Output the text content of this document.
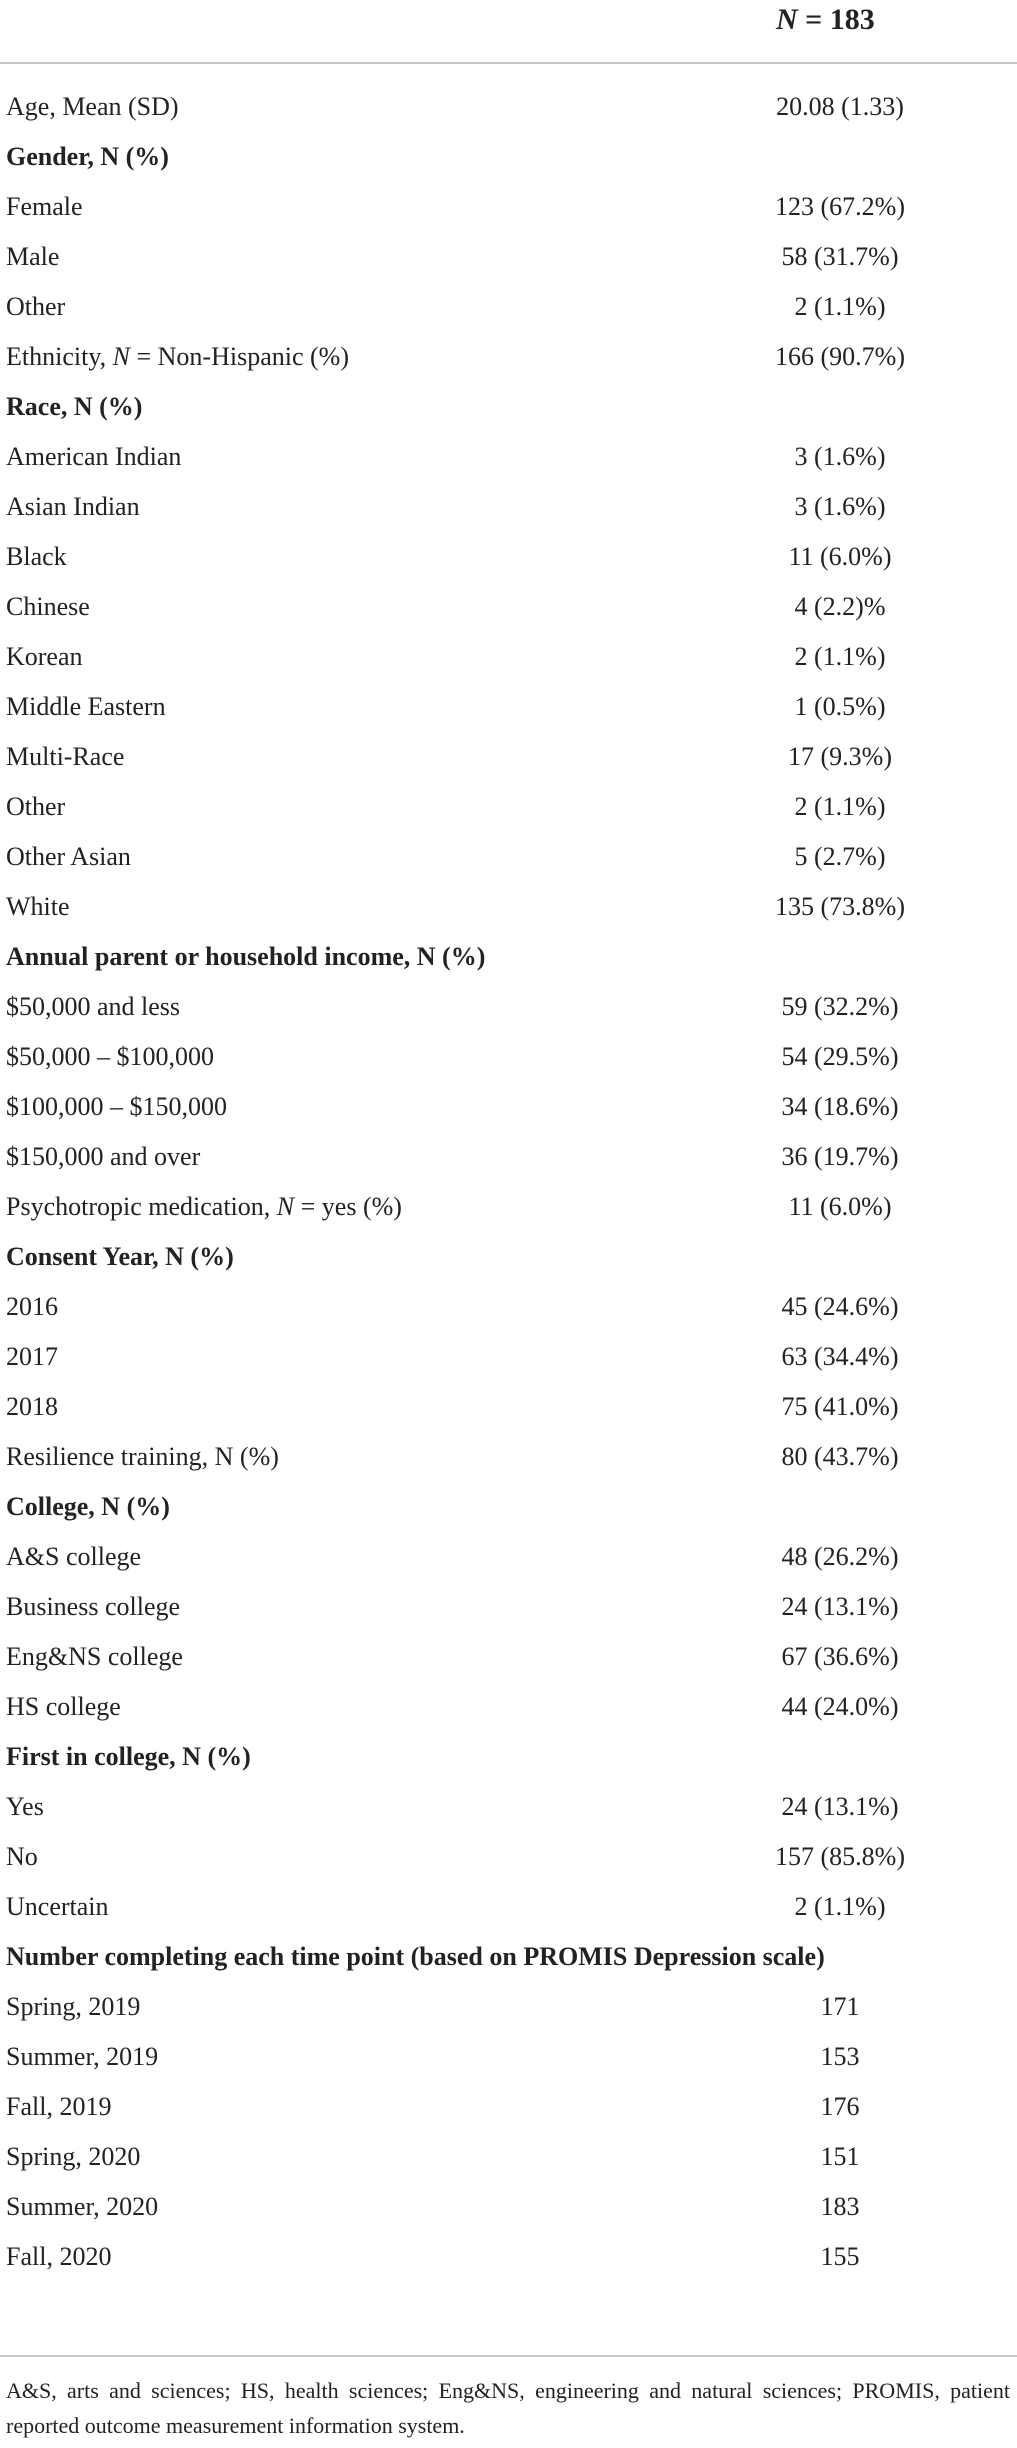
N = 183
Age, Mean (SD)	20.08 (1.33)
Gender, N (%)
Female	123 (67.2%)
Male	58 (31.7%)
Other	2 (1.1%)
Ethnicity, N = Non-Hispanic (%)	166 (90.7%)
Race, N (%)
American Indian	3 (1.6%)
Asian Indian	3 (1.6%)
Black	11 (6.0%)
Chinese	4 (2.2)%
Korean	2 (1.1%)
Middle Eastern	1 (0.5%)
Multi-Race	17 (9.3%)
Other	2 (1.1%)
Other Asian	5 (2.7%)
White	135 (73.8%)
Annual parent or household income, N (%)
$50,000 and less	59 (32.2%)
$50,000 – $100,000	54 (29.5%)
$100,000 – $150,000	34 (18.6%)
$150,000 and over	36 (19.7%)
Psychotropic medication, N = yes (%)	11 (6.0%)
Consent Year, N (%)
2016	45 (24.6%)
2017	63 (34.4%)
2018	75 (41.0%)
Resilience training, N (%)	80 (43.7%)
College, N (%)
A&S college	48 (26.2%)
Business college	24 (13.1%)
Eng&NS college	67 (36.6%)
HS college	44 (24.0%)
First in college, N (%)
Yes	24 (13.1%)
No	157 (85.8%)
Uncertain	2 (1.1%)
Number completing each time point (based on PROMIS Depression scale)
Spring, 2019	171
Summer, 2019	153
Fall, 2019	176
Spring, 2020	151
Summer, 2020	183
Fall, 2020	155
A&S, arts and sciences; HS, health sciences; Eng&NS, engineering and natural sciences; PROMIS, patient reported outcome measurement information system.
